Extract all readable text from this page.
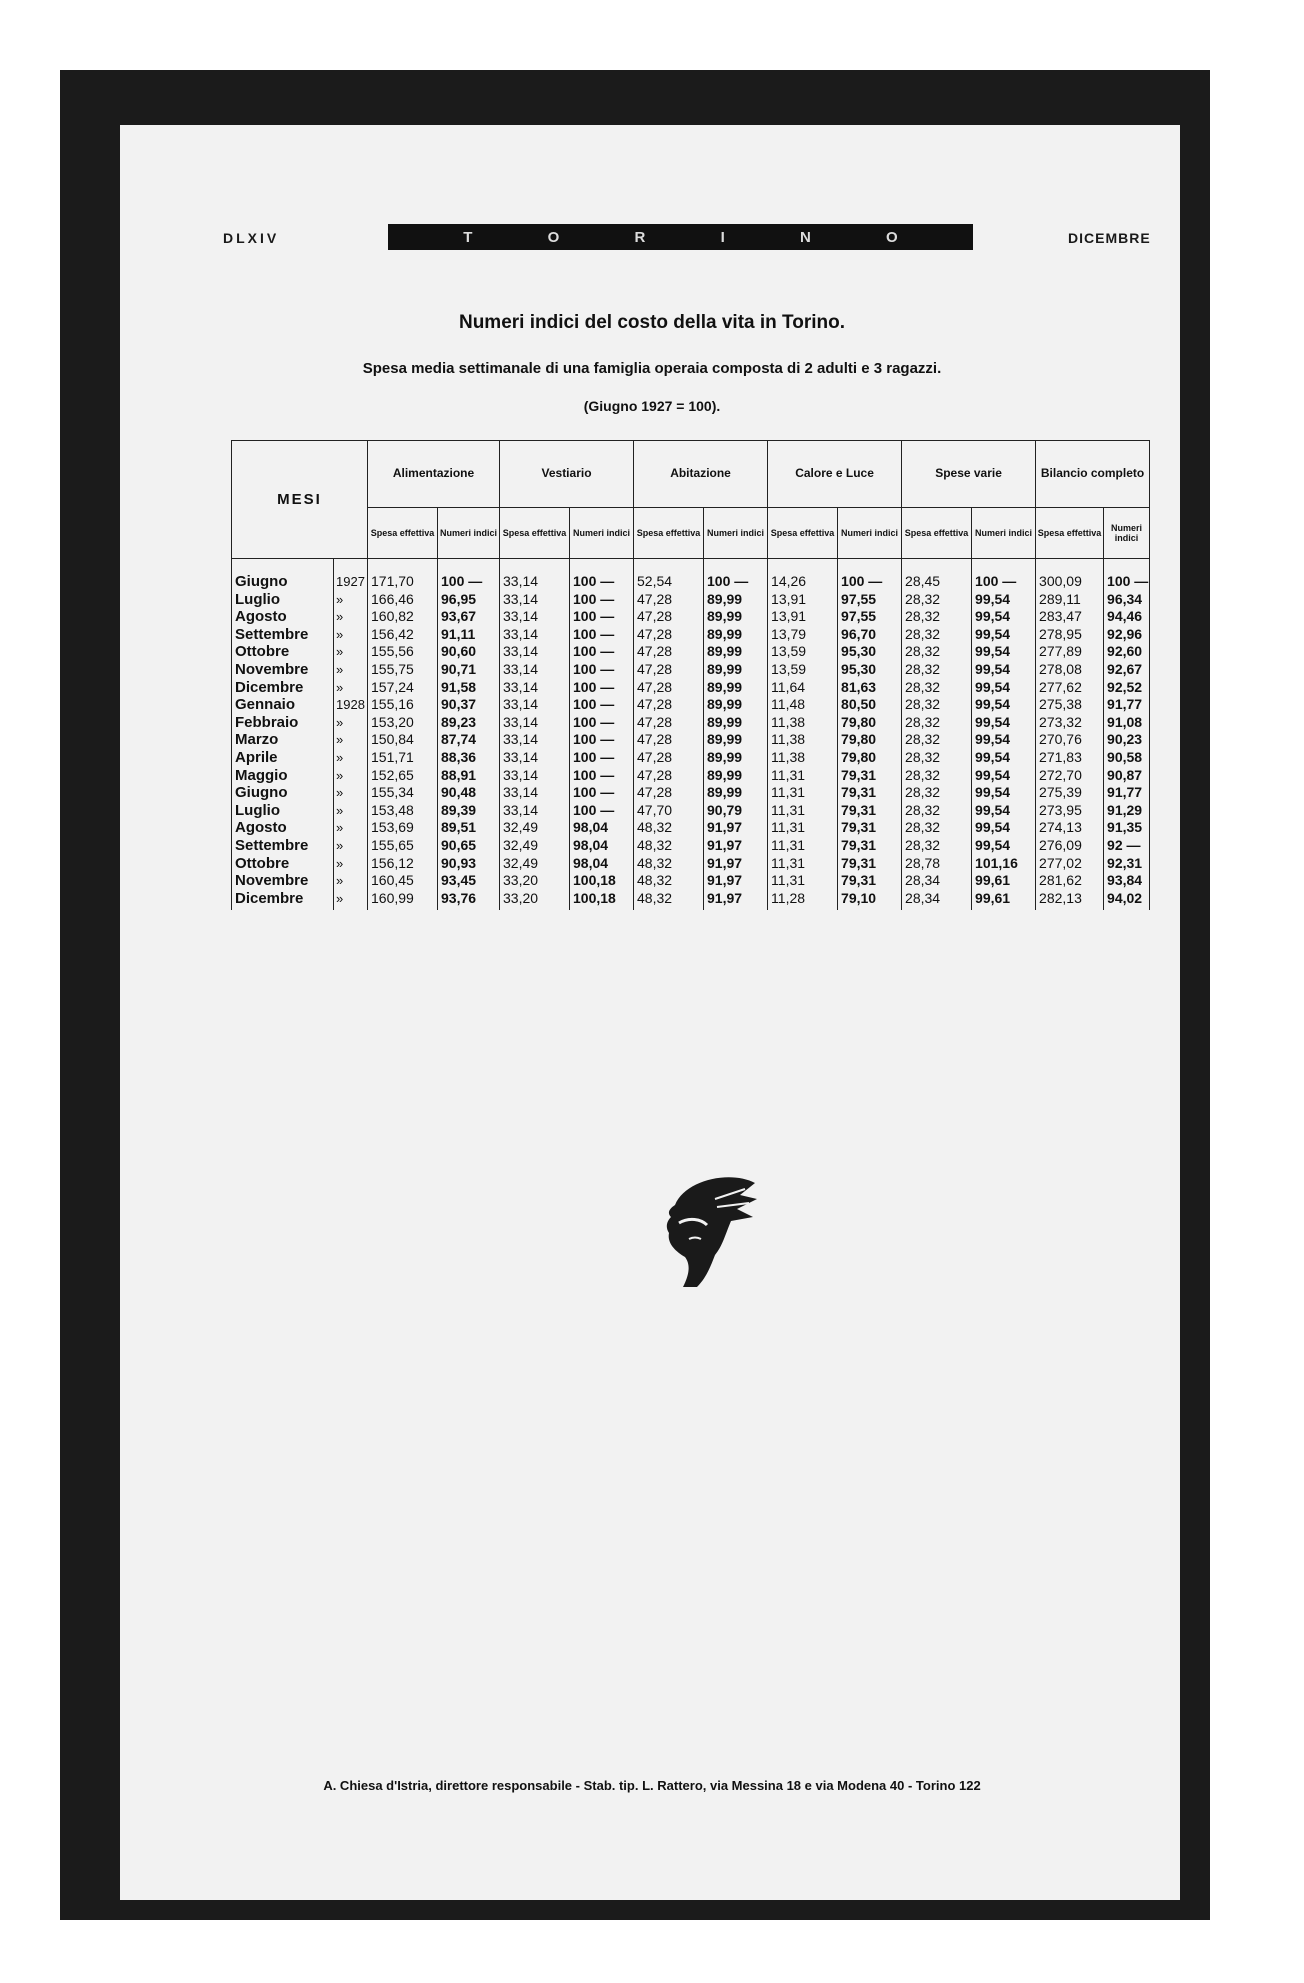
DLXIV	T	O	R	I	N	O	DICEMBRE
Numeri indici del costo della vita in Torino.
Spesa media settimanale di una famiglia operaia composta di 2 adulti e 3 ragazzi.
(Giugno 1927 = 100).
MESI		Alimentazione		Vestiario		Abitazione		Calore e Luce		Spese varie		Bilancio completo	
		Spesa effettiva	Numeri indici	Spesa effettiva	Numeri indici	Spesa effettiva	Numeri indici	Spesa effettiva	Numeri indici	Spesa effettiva	Numeri indici	Spesa effettiva	Numeri indici
Giugno	1927	171,70	100 —	33,14	100 —	52,54	100 —	14,26	100 —	28,45	100 —	300,09	100 —
Luglio	»	166,46	96,95	33,14	100 —	47,28	89,99	13,91	97,55	28,32	99,54	289,11	96,34
Agosto	»	160,82	93,67	33,14	100 —	47,28	89,99	13,91	97,55	28,32	99,54	283,47	94,46
Settembre	»	156,42	91,11	33,14	100 —	47,28	89,99	13,79	96,70	28,32	99,54	278,95	92,96
Ottobre	»	155,56	90,60	33,14	100 —	47,28	89,99	13,59	95,30	28,32	99,54	277,89	92,60
Novembre	»	155,75	90,71	33,14	100 —	47,28	89,99	13,59	95,30	28,32	99,54	278,08	92,67
Dicembre	»	157,24	91,58	33,14	100 —	47,28	89,99	11,64	81,63	28,32	99,54	277,62	92,52
Gennaio	1928	155,16	90,37	33,14	100 —	47,28	89,99	11,48	80,50	28,32	99,54	275,38	91,77
Febbraio	»	153,20	89,23	33,14	100 —	47,28	89,99	11,38	79,80	28,32	99,54	273,32	91,08
Marzo	»	150,84	87,74	33,14	100 —	47,28	89,99	11,38	79,80	28,32	99,54	270,76	90,23
Aprile	»	151,71	88,36	33,14	100 —	47,28	89,99	11,38	79,80	28,32	99,54	271,83	90,58
Maggio	»	152,65	88,91	33,14	100 —	47,28	89,99	11,31	79,31	28,32	99,54	272,70	90,87
Giugno	»	155,34	90,48	33,14	100 —	47,28	89,99	11,31	79,31	28,32	99,54	275,39	91,77
Luglio	»	153,48	89,39	33,14	100 —	47,70	90,79	11,31	79,31	28,32	99,54	273,95	91,29
Agosto	»	153,69	89,51	32,49	98,04	48,32	91,97	11,31	79,31	28,32	99,54	274,13	91,35
Settembre	»	155,65	90,65	32,49	98,04	48,32	91,97	11,31	79,31	28,32	99,54	276,09	92 —
Ottobre	»	156,12	90,93	32,49	98,04	48,32	91,97	11,31	79,31	28,78	101,16	277,02	92,31
Novembre	»	160,45	93,45	33,20	100,18	48,32	91,97	11,31	79,31	28,34	99,61	281,62	93,84
Dicembre	»	160,99	93,76	33,20	100,18	48,32	91,97	11,28	79,10	28,34	99,61	282,13	94,02
A. Chiesa d'Istria, direttore responsabile - Stab. tip. L. Rattero, via Messina 18 e via Modena 40 - Torino 122
